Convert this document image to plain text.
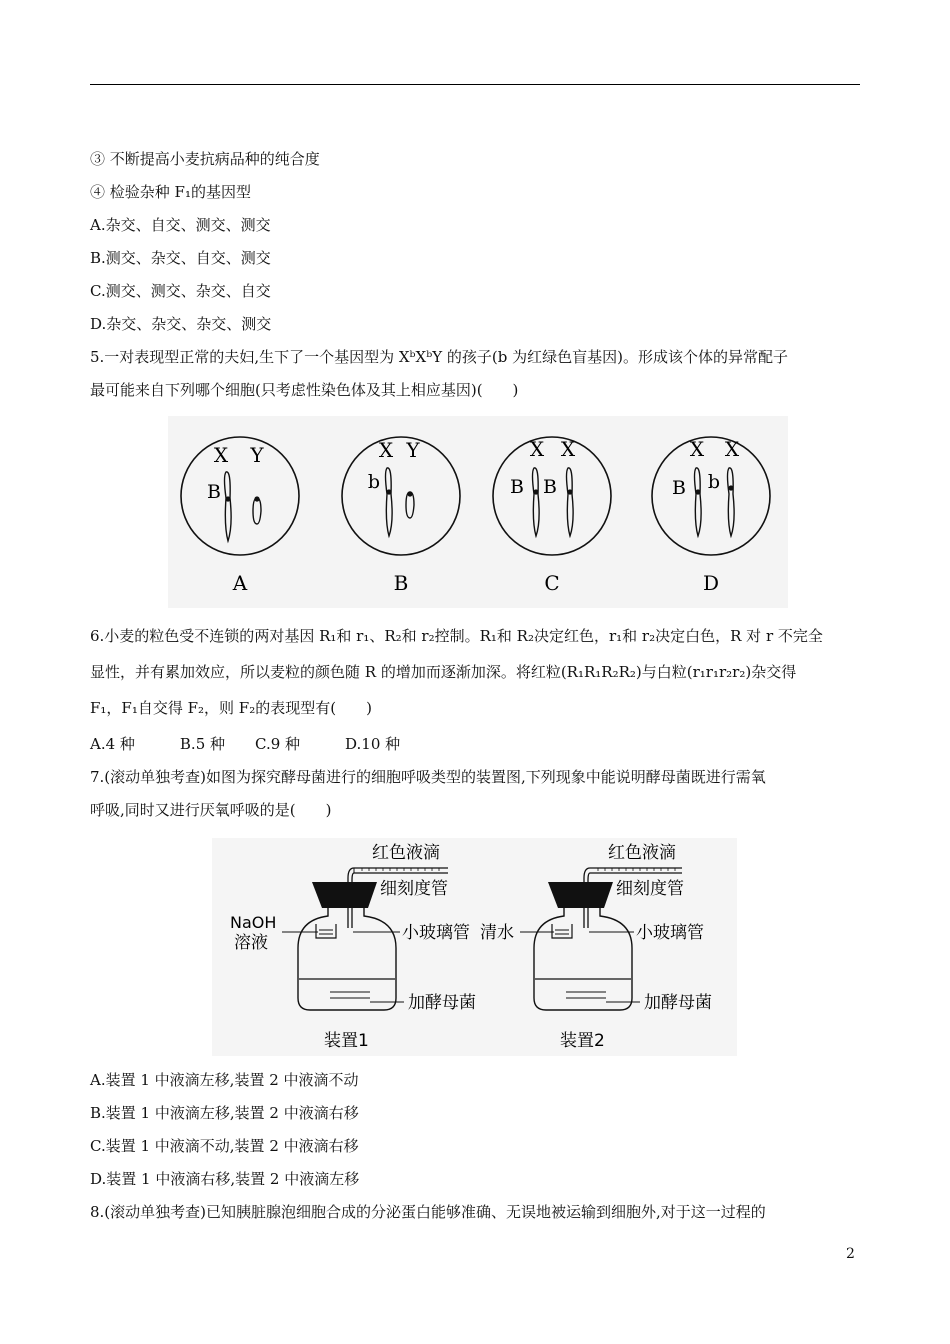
③ 不断提高小麦抗病品种的纯合度
④ 检验杂种 F₁的基因型
A.杂交、自交、测交、测交
B.测交、杂交、自交、测交
C.测交、测交、杂交、自交
D.杂交、杂交、杂交、测交
5.一对表现型正常的夫妇,生下了一个基因型为 XᵇXᵇY 的孩子(b 为红绿色盲基因)。形成该个体的异常配子
最可能来自下列哪个细胞(只考虑性染色体及其上相应基因)(　　)
X Y
B
A
X Y
b
B
X X
B B
C
X X
B b
D
6.小麦的粒色受不连锁的两对基因 R₁和 r₁、R₂和 r₂控制。R₁和 R₂决定红色，r₁和 r₂决定白色，R 对 r 不完全
显性，并有累加效应，所以麦粒的颜色随 R 的增加而逐渐加深。将红粒(R₁R₁R₂R₂)与白粒(r₁r₁r₂r₂)杂交得
F₁，F₁自交得 F₂，则 F₂的表现型有(　　)
A.4 种　　　B.5 种　　C.9 种　　　D.10 种
7.(滚动单独考查)如图为探究酵母菌进行的细胞呼吸类型的装置图,下列现象中能说明酵母菌既进行需氧
呼吸,同时又进行厌氧呼吸的是(　　)
红色液滴
细刻度管
NaOH
溶液	小玻璃管
加酵母菌
装置1
红色液滴
细刻度管
清水	小玻璃管
加酵母菌
装置2
A.装置 1 中液滴左移,装置 2 中液滴不动
B.装置 1 中液滴左移,装置 2 中液滴右移
C.装置 1 中液滴不动,装置 2 中液滴右移
D.装置 1 中液滴右移,装置 2 中液滴左移
8.(滚动单独考查)已知胰脏腺泡细胞合成的分泌蛋白能够准确、无误地被运输到细胞外,对于这一过程的
2
